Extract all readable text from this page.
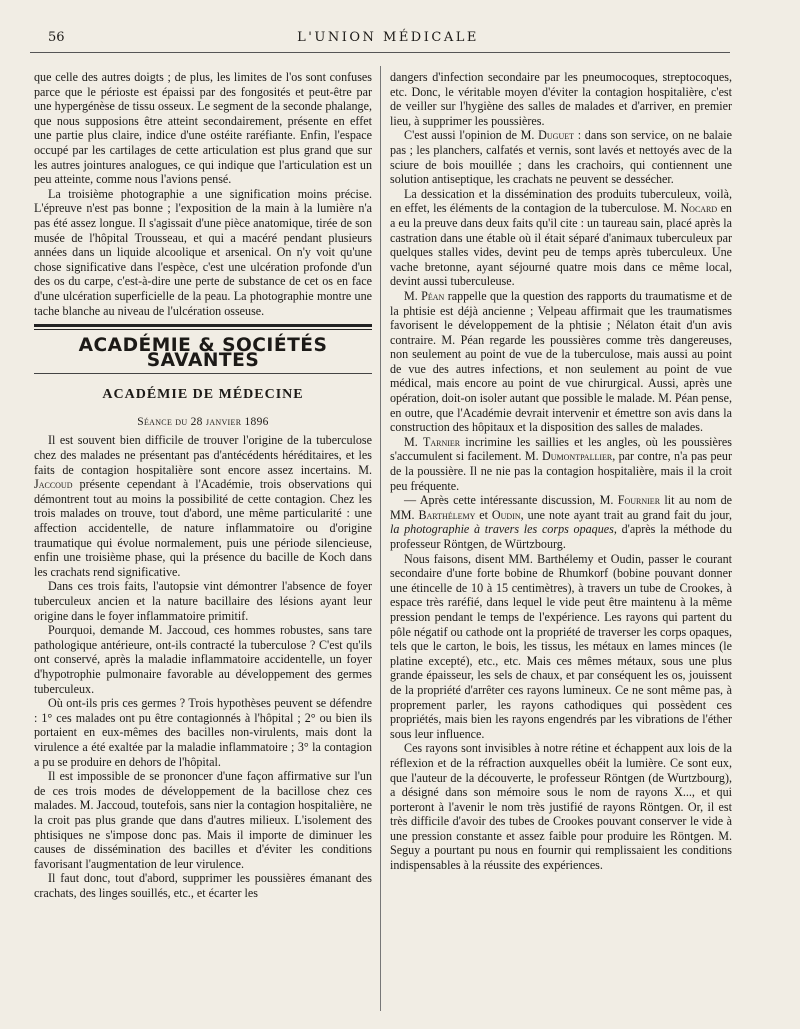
56	L'UNION MÉDICALE

que celle des autres doigts ; de plus, les limites de l'os sont confuses parce que le périoste est épaissi par des fongosités et peut-être par une hypergénèse de tissu osseux. Le segment de la seconde phalange, que nous supposions être atteint secondairement, présente en effet une partie plus claire, indice d'une ostéite raréfiante. Enfin, l'espace occupé par les cartilages de cette articulation est plus grand que sur les autres jointures analogues, ce qui indique que l'articulation est un peu atteinte, comme nous l'avions pensé.

La troisième photographie a une signification moins précise. L'épreuve n'est pas bonne ; l'exposition de la main à la lumière n'a pas été assez longue. Il s'agissait d'une pièce anatomique, tirée de son musée de l'hôpital Trousseau, et qui a macéré pendant plusieurs années dans un liquide alcoolique et arsenical. On n'y voit qu'une chose significative dans l'espèce, c'est une ulcération profonde d'un des os du carpe, c'est-à-dire une perte de substance de cet os en face d'une ulcération superficielle de la peau. La photographie montre une tache blanche au niveau de l'ulcération osseuse.

ACADÉMIE & SOCIÉTÉS SAVANTES
ACADÉMIE DE MÉDECINE
Séance du 28 janvier 1896

Il est souvent bien difficile de trouver l'origine de la tuberculose chez des malades ne présentant pas d'antécédents héréditaires, et les faits de contagion hospitalière sont encore assez incertains. M. Jaccoud présente cependant à l'Académie, trois observations qui démontrent tout au moins la possibilité de cette contagion. Chez les trois malades on trouve, tout d'abord, une même particularité : une affection accidentelle, de nature inflammatoire ou d'origine traumatique qui évolue normalement, puis une période silencieuse, enfin une troisième phase, qui la présence du bacille de Koch dans les crachats rend significative.

Dans ces trois faits, l'autopsie vint démontrer l'absence de foyer tuberculeux ancien et la nature bacillaire des lésions ayant leur origine dans le foyer inflammatoire primitif.

Pourquoi, demande M. Jaccoud, ces hommes robustes, sans tare pathologique antérieure, ont-ils contracté la tuberculose ? C'est qu'ils ont conservé, après la maladie inflammatoire accidentelle, un foyer d'hypotrophie pulmonaire favorable au développement des germes tuberculeux.

Où ont-ils pris ces germes ? Trois hypothèses peuvent se défendre : 1° ces malades ont pu être contagionnés à l'hôpital ; 2° ou bien ils portaient en eux-mêmes des bacilles non-virulents, mais dont la virulence a été exaltée par la maladie inflammatoire ; 3° la contagion a pu se produire en dehors de l'hôpital.

Il est impossible de se prononcer d'une façon affirmative sur l'un de ces trois modes de développement de la bacillose chez ces malades. M. Jaccoud, toutefois, sans nier la contagion hospitalière, ne la croit pas plus grande que dans d'autres milieux. L'isolement des phtisiques ne s'impose donc pas. Mais il importe de diminuer les causes de dissémination des bacilles et d'éviter les conditions favorisant l'augmentation de leur virulence.

Il faut donc, tout d'abord, supprimer les poussières émanant des crachats, des linges souillés, etc., et écarter les

dangers d'infection secondaire par les pneumocoques, streptocoques, etc. Donc, le véritable moyen d'éviter la contagion hospitalière, c'est de veiller sur l'hygiène des salles de malades et d'arriver, en premier lieu, à supprimer les poussières.

C'est aussi l'opinion de M. Duguet : dans son service, on ne balaie pas ; les planchers, calfatés et vernis, sont lavés et nettoyés avec de la sciure de bois mouillée ; dans les crachoirs, qui contiennent une solution antiseptique, les crachats ne peuvent se dessécher.

La dessication et la dissémination des produits tuberculeux, voilà, en effet, les éléments de la contagion de la tuberculose. M. Nocard en a eu la preuve dans deux faits qu'il cite : un taureau sain, placé après la castration dans une étable où il était séparé d'animaux tuberculeux par quelques stalles vides, devint peu de temps après tuberculeux. Une vache bretonne, ayant séjourné quatre mois dans ce même local, devint aussi tuberculeuse.

M. Péan rappelle que la question des rapports du traumatisme et de la phtisie est déjà ancienne ; Velpeau affirmait que les traumatismes favorisent le développement de la phtisie ; Nélaton était d'un avis contraire. M. Péan regarde les poussières comme très dangereuses, non seulement au point de vue de la tuberculose, mais aussi au point de vue des autres infections, et non seulement au point de vue médical, mais encore au point de vue chirurgical. Aussi, après une opération, doit-on isoler autant que possible le malade. M. Péan pense, en outre, que l'Académie devrait intervenir et émettre son avis dans la construction des hôpitaux et la disposition des salles de malades.

M. Tarnier incrimine les saillies et les angles, où les poussières s'accumulent si facilement. M. Dumontpallier, par contre, n'a pas peur de la poussière. Il ne nie pas la contagion hospitalière, mais il la croit peu fréquente.

— Après cette intéressante discussion, M. Fournier lit au nom de MM. Barthélemy et Oudin, une note ayant trait au grand fait du jour, la photographie à travers les corps opaques, d'après la méthode du professeur Röntgen, de Würtzbourg.

Nous faisons, disent MM. Barthélemy et Oudin, passer le courant secondaire d'une forte bobine de Rhumkorf (bobine pouvant donner une étincelle de 10 à 15 centimètres), à travers un tube de Crookes, à espace très raréfié, dans lequel le vide peut être maintenu à la même pression pendant le temps de l'expérience. Les rayons qui partent du pôle négatif ou cathode ont la propriété de traverser les corps opaques, tels que le carton, le bois, les tissus, les métaux en lames minces (le platine excepté), etc., etc. Mais ces mêmes métaux, sous une plus grande épaisseur, les sels de chaux, et par conséquent les os, jouissent de la propriété d'arrêter ces rayons lumineux. Ce ne sont même pas, à proprement parler, les rayons cathodiques qui possèdent ces propriétés, mais bien les rayons engendrés par les vibrations de l'éther sous leur influence.

Ces rayons sont invisibles à notre rétine et échappent aux lois de la réflexion et de la réfraction auxquelles obéit la lumière. Ce sont eux, que l'auteur de la découverte, le professeur Röntgen (de Wurtzbourg), a désigné dans son mémoire sous le nom de rayons X..., et qui porteront à l'avenir le nom très justifié de rayons Röntgen. Or, il est très difficile d'avoir des tubes de Crookes pouvant conserver le vide à une pression constante et assez faible pour produire les Röntgen. M. Seguy a pourtant pu nous en fournir qui remplissaient les conditions indispensables à la réussite des expériences.
